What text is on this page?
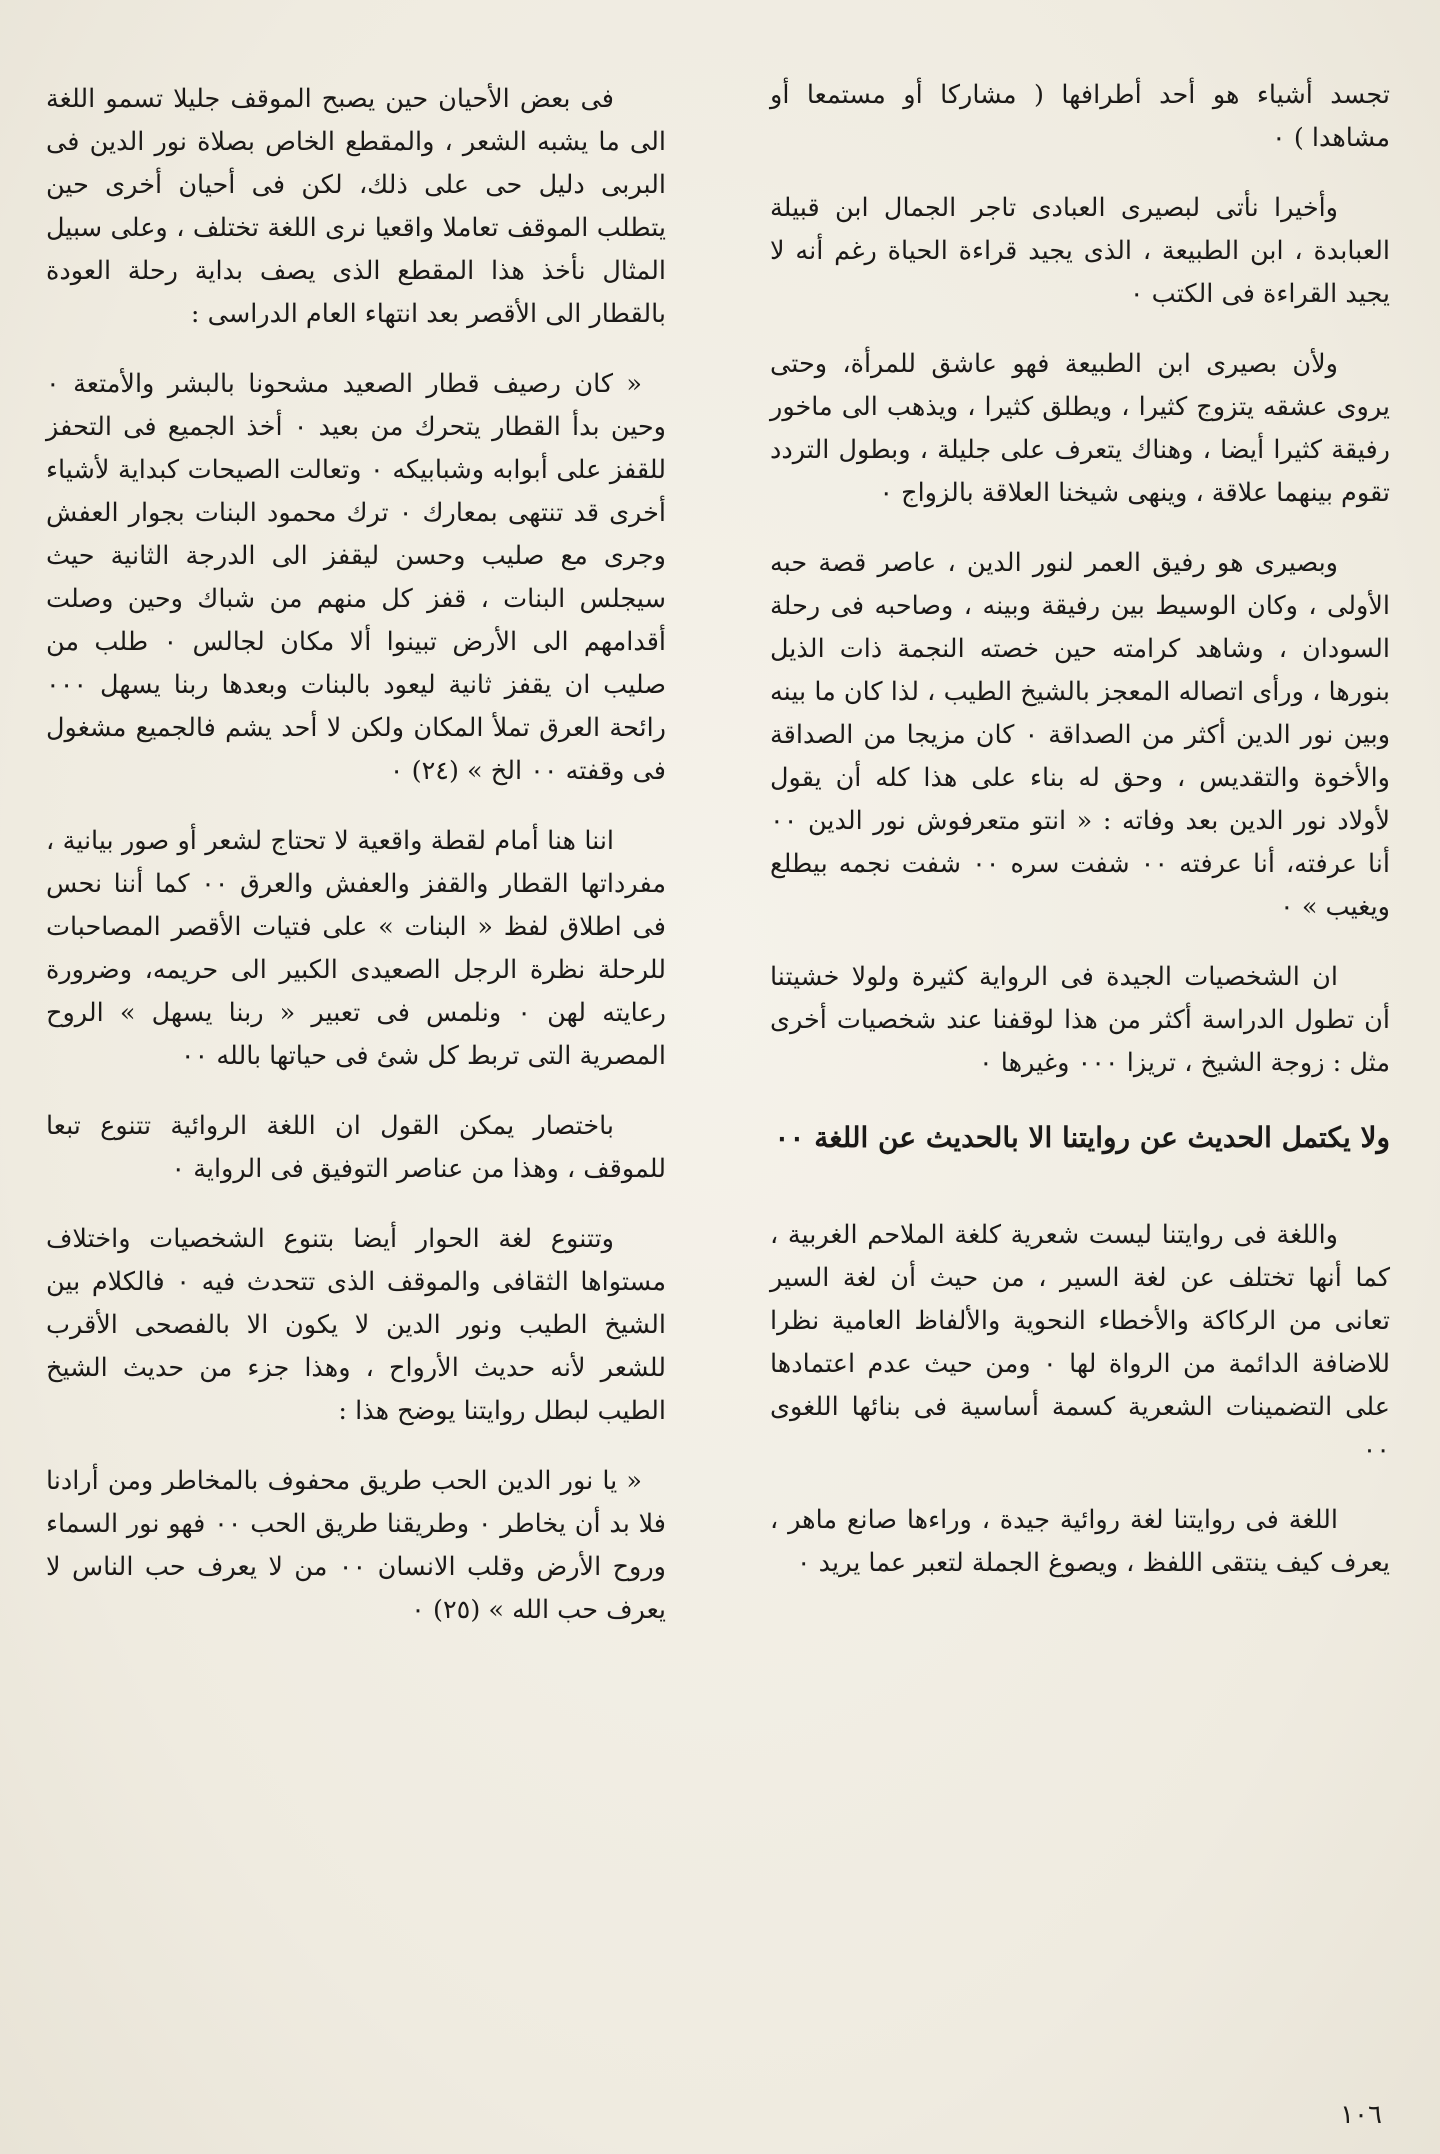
تجسد أشياء هو أحد أطرافها ( مشاركا أو مستمعا أو مشاهدا ) ٠

وأخيرا نأتى لبصيرى العبادى تاجر الجمال ابن قبيلة العبابدة ، ابن الطبيعة ، الذى يجيد قراءة الحياة رغم أنه لا يجيد القراءة فى الكتب ٠

ولأن بصيرى ابن الطبيعة فهو عاشق للمرأة، وحتى يروى عشقه يتزوج كثيرا ، ويطلق كثيرا ، ويذهب الى ماخور رفيقة كثيرا أيضا ، وهناك يتعرف على جليلة ، وبطول التردد تقوم بينهما علاقة ، وينهى شيخنا العلاقة بالزواج ٠

وبصيرى هو رفيق العمر لنور الدين ، عاصر قصة حبه الأولى ، وكان الوسيط بين رفيقة وبينه ، وصاحبه فى رحلة السودان ، وشاهد كرامته حين خصته النجمة ذات الذيل بنورها ، ورأى اتصاله المعجز بالشيخ الطيب ، لذا كان ما بينه وبين نور الدين أكثر من الصداقة ٠ كان مزيجا من الصداقة والأخوة والتقديس ، وحق له بناء على هذا كله أن يقول لأولاد نور الدين بعد وفاته : « انتو متعرفوش نور الدين ٠٠ أنا عرفته، أنا عرفته ٠٠ شفت سره ٠٠ شفت نجمه بيطلع ويغيب » ٠

ان الشخصيات الجيدة فى الرواية كثيرة ولولا خشيتنا أن تطول الدراسة أكثر من هذا لوقفنا عند شخصيات أخرى مثل : زوجة الشيخ ، تريزا ٠٠٠ وغيرها ٠

ولا يكتمل الحديث عن روايتنا الا بالحديث عن اللغة ٠٠

واللغة فى روايتنا ليست شعرية كلغة الملاحم الغربية ، كما أنها تختلف عن لغة السير ، من حيث أن لغة السير تعانى من الركاكة والأخطاء النحوية والألفاظ العامية نظرا للاضافة الدائمة من الرواة لها ٠ ومن حيث عدم اعتمادها على التضمينات الشعرية كسمة أساسية فى بنائها اللغوى ٠٠

اللغة فى روايتنا لغة روائية جيدة ، وراءها صانع ماهر ، يعرف كيف ينتقى اللفظ ، ويصوغ الجملة لتعبر عما يريد ٠

فى بعض الأحيان حين يصبح الموقف جليلا تسمو اللغة الى ما يشبه الشعر ، والمقطع الخاص بصلاة نور الدين فى البربى دليل حى على ذلك، لكن فى أحيان أخرى حين يتطلب الموقف تعاملا واقعيا نرى اللغة تختلف ، وعلى سبيل المثال نأخذ هذا المقطع الذى يصف بداية رحلة العودة بالقطار الى الأقصر بعد انتهاء العام الدراسى :

« كان رصيف قطار الصعيد مشحونا بالبشر والأمتعة ٠ وحين بدأ القطار يتحرك من بعيد ٠ أخذ الجميع فى التحفز للقفز على أبوابه وشبابيكه ٠ وتعالت الصيحات كبداية لأشياء أخرى قد تنتهى بمعارك ٠ ترك محمود البنات بجوار العفش وجرى مع صليب وحسن ليقفز الى الدرجة الثانية حيث سيجلس البنات ، قفز كل منهم من شباك وحين وصلت أقدامهم الى الأرض تبينوا ألا مكان لجالس ٠ طلب من صليب ان يقفز ثانية ليعود بالبنات وبعدها ربنا يسهل ٠٠٠ رائحة العرق تملأ المكان ولكن لا أحد يشم فالجميع مشغول فى وقفته ٠٠ الخ » (٢٤) ٠

اننا هنا أمام لقطة واقعية لا تحتاج لشعر أو صور بيانية ، مفرداتها القطار والقفز والعفش والعرق ٠٠ كما أننا نحس فى اطلاق لفظ « البنات » على فتيات الأقصر المصاحبات للرحلة نظرة الرجل الصعيدى الكبير الى حريمه، وضرورة رعايته لهن ٠ ونلمس فى تعبير « ربنا يسهل » الروح المصرية التى تربط كل شئ فى حياتها بالله ٠٠

باختصار يمكن القول ان اللغة الروائية تتنوع تبعا للموقف ، وهذا من عناصر التوفيق فى الرواية ٠

وتتنوع لغة الحوار أيضا بتنوع الشخصيات واختلاف مستواها الثقافى والموقف الذى تتحدث فيه ٠ فالكلام بين الشيخ الطيب ونور الدين لا يكون الا بالفصحى الأقرب للشعر لأنه حديث الأرواح ، وهذا جزء من حديث الشيخ الطيب لبطل روايتنا يوضح هذا :

« يا نور الدين الحب طريق محفوف بالمخاطر ومن أرادنا فلا بد أن يخاطر ٠ وطريقنا طريق الحب ٠٠ فهو نور السماء وروح الأرض وقلب الانسان ٠٠ من لا يعرف حب الناس لا يعرف حب الله » (٢٥) ٠

١٠٦
